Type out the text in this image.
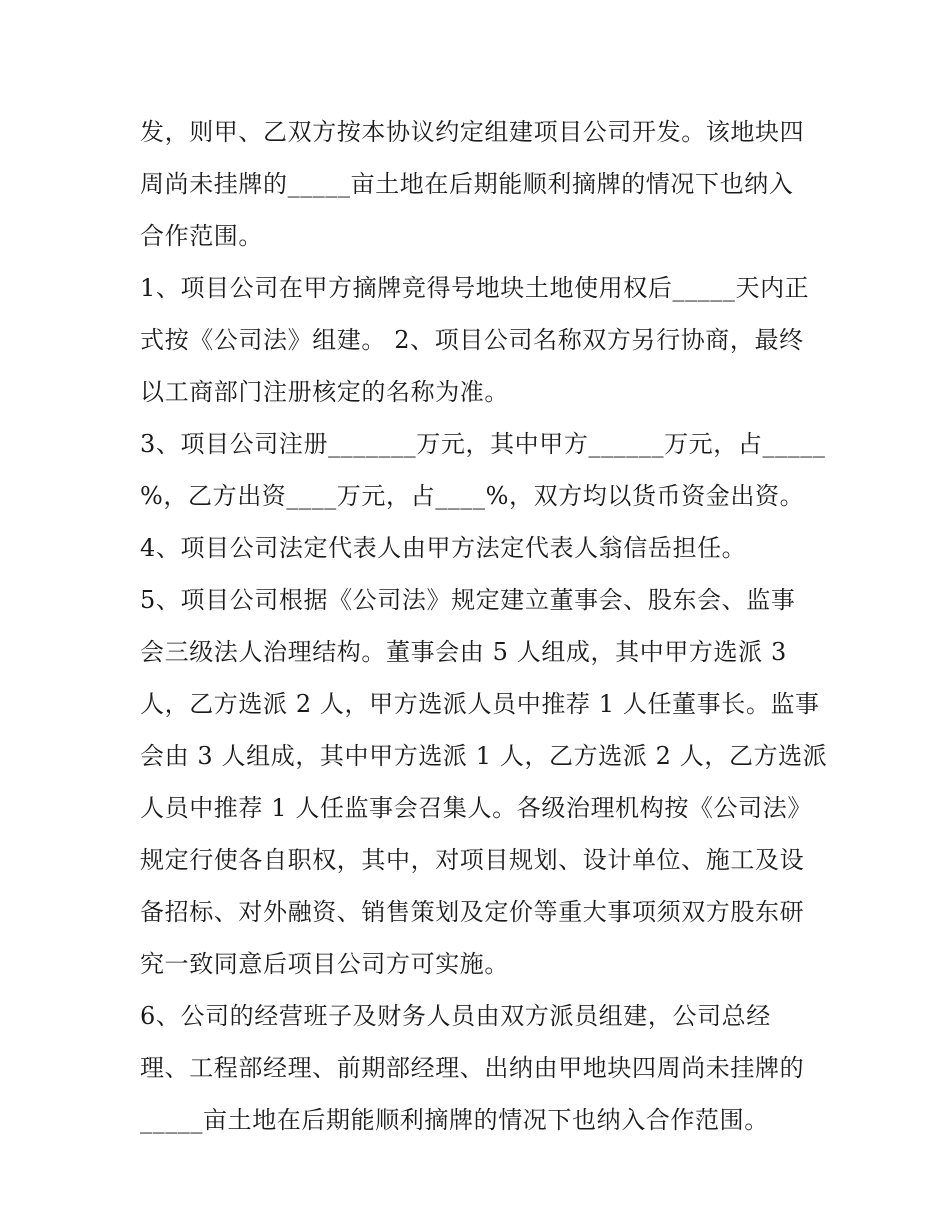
发，则甲、乙双方按本协议约定组建项目公司开发。该地块四
周尚未挂牌的_____亩土地在后期能顺利摘牌的情况下也纳入
合作范围。
1、项目公司在甲方摘牌竞得号地块土地使用权后_____天内正
式按《公司法》组建。 2、项目公司名称双方另行协商，最终
以工商部门注册核定的名称为准。
3、项目公司注册_______万元，其中甲方______万元，占_____
%，乙方出资____万元，占____%，双方均以货币资金出资。
4、项目公司法定代表人由甲方法定代表人翁信岳担任。
5、项目公司根据《公司法》规定建立董事会、股东会、监事
会三级法人治理结构。董事会由 5 人组成，其中甲方选派 3
人，乙方选派 2 人，甲方选派人员中推荐 1 人任董事长。监事
会由 3 人组成，其中甲方选派 1 人，乙方选派 2 人，乙方选派
人员中推荐 1 人任监事会召集人。各级治理机构按《公司法》
规定行使各自职权，其中，对项目规划、设计单位、施工及设
备招标、对外融资、销售策划及定价等重大事项须双方股东研
究一致同意后项目公司方可实施。
6、公司的经营班子及财务人员由双方派员组建，公司总经
理、工程部经理、前期部经理、出纳由甲地块四周尚未挂牌的
_____亩土地在后期能顺利摘牌的情况下也纳入合作范围。
